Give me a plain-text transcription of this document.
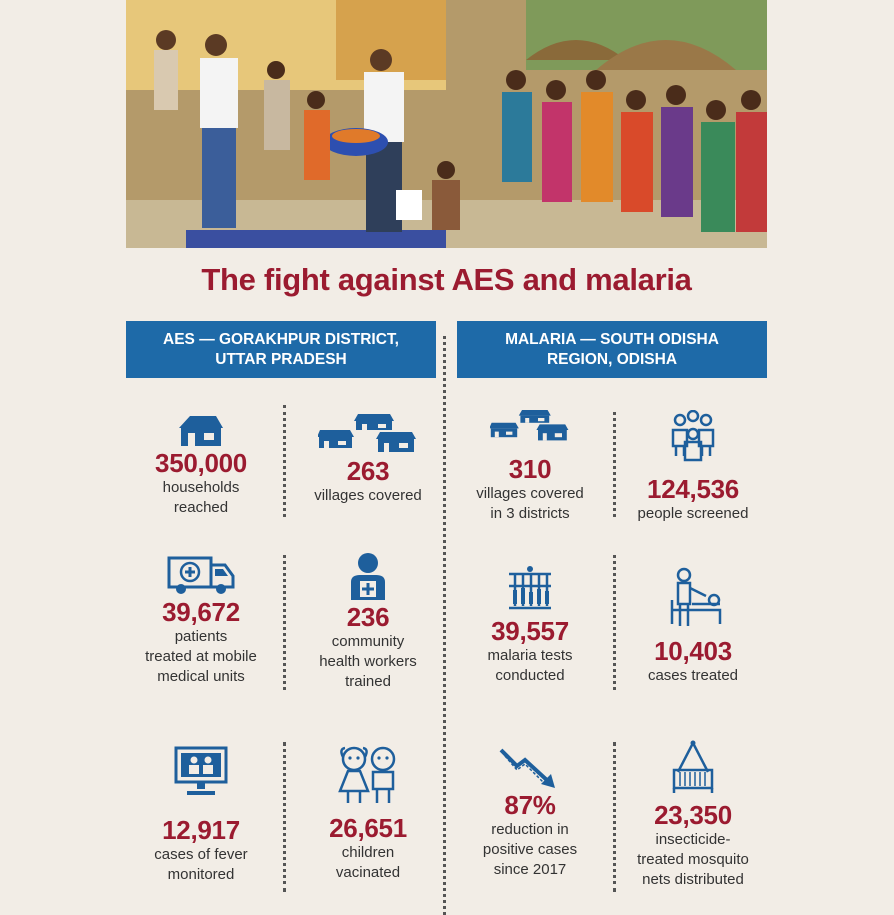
The fight against AES and malaria
AES — GORAKHPUR DISTRICT,
UTTAR PRADESH
MALARIA — SOUTH ODISHA
REGION, ODISHA
350,000
households
reached
263
villages covered
39,672
patients
treated at mobile
medical units
236
community
health workers
trained
12,917
cases of fever
monitored
26,651
children
vacinated
310
villages covered
in 3 districts
124,536
people screened
39,557
malaria tests
conducted
10,403
cases treated
87%
reduction in
positive cases
since 2017
23,350
insecticide-
treated mosquito
nets distributed
